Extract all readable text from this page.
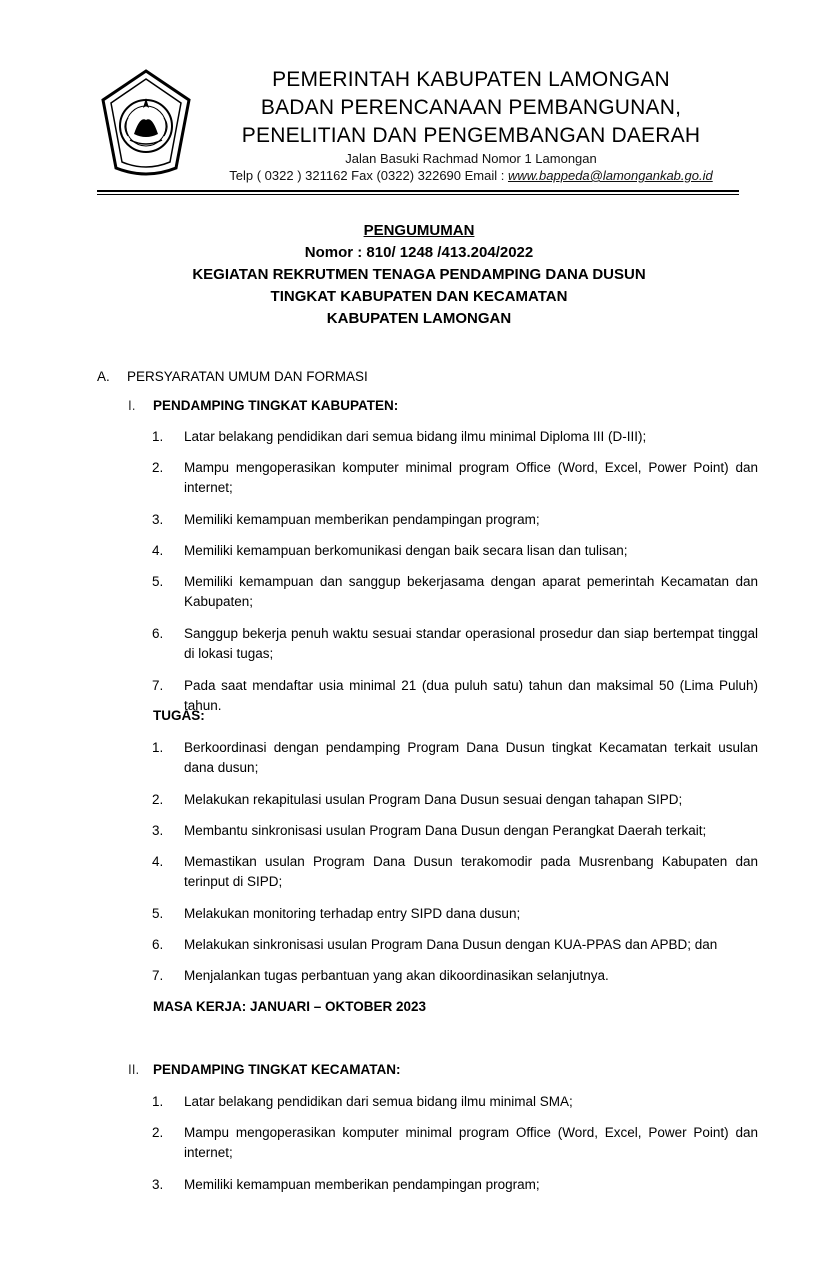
PEMERINTAH KABUPATEN LAMONGAN
BADAN PERENCANAAN PEMBANGUNAN,
PENELITIAN DAN PENGEMBANGAN DAERAH
Jalan Basuki Rachmad Nomor 1 Lamongan
Telp ( 0322 ) 321162 Fax (0322) 322690 Email : www.bappeda@lamongankab.go.id
PENGUMUMAN
Nomor : 810/ 1248 /413.204/2022
KEGIATAN REKRUTMEN TENAGA PENDAMPING DANA DUSUN
TINGKAT KABUPATEN DAN KECAMATAN
KABUPATEN LAMONGAN
A. PERSYARATAN UMUM DAN FORMASI
I. PENDAMPING TINGKAT KABUPATEN:
1.	Latar belakang pendidikan dari semua bidang ilmu minimal Diploma III (D-III);
2.	Mampu mengoperasikan komputer minimal program Office (Word, Excel, Power Point) dan internet;
3.	Memiliki kemampuan memberikan pendampingan program;
4.	Memiliki kemampuan berkomunikasi dengan baik secara lisan dan tulisan;
5.	Memiliki kemampuan dan sanggup bekerjasama dengan aparat pemerintah Kecamatan dan Kabupaten;
6.	Sanggup bekerja penuh waktu sesuai standar operasional prosedur dan siap bertempat tinggal di lokasi tugas;
7.	Pada saat mendaftar usia minimal 21 (dua puluh satu) tahun dan maksimal 50 (Lima Puluh) tahun.
TUGAS:
1.	Berkoordinasi dengan pendamping Program Dana Dusun tingkat Kecamatan terkait usulan dana dusun;
2.	Melakukan rekapitulasi usulan Program Dana Dusun sesuai dengan tahapan SIPD;
3.	Membantu sinkronisasi usulan Program Dana Dusun dengan Perangkat Daerah terkait;
4.	Memastikan usulan Program Dana Dusun terakomodir pada Musrenbang Kabupaten dan terinput di SIPD;
5.	Melakukan monitoring terhadap entry SIPD dana dusun;
6.	Melakukan sinkronisasi usulan Program Dana Dusun dengan KUA-PPAS dan APBD; dan
7.	Menjalankan tugas perbantuan yang akan dikoordinasikan selanjutnya.
MASA KERJA: JANUARI – OKTOBER 2023
II. PENDAMPING TINGKAT KECAMATAN:
1.	Latar belakang pendidikan dari semua bidang ilmu minimal SMA;
2.	Mampu mengoperasikan komputer minimal program Office (Word, Excel, Power Point) dan internet;
3.	Memiliki kemampuan memberikan pendampingan program;
